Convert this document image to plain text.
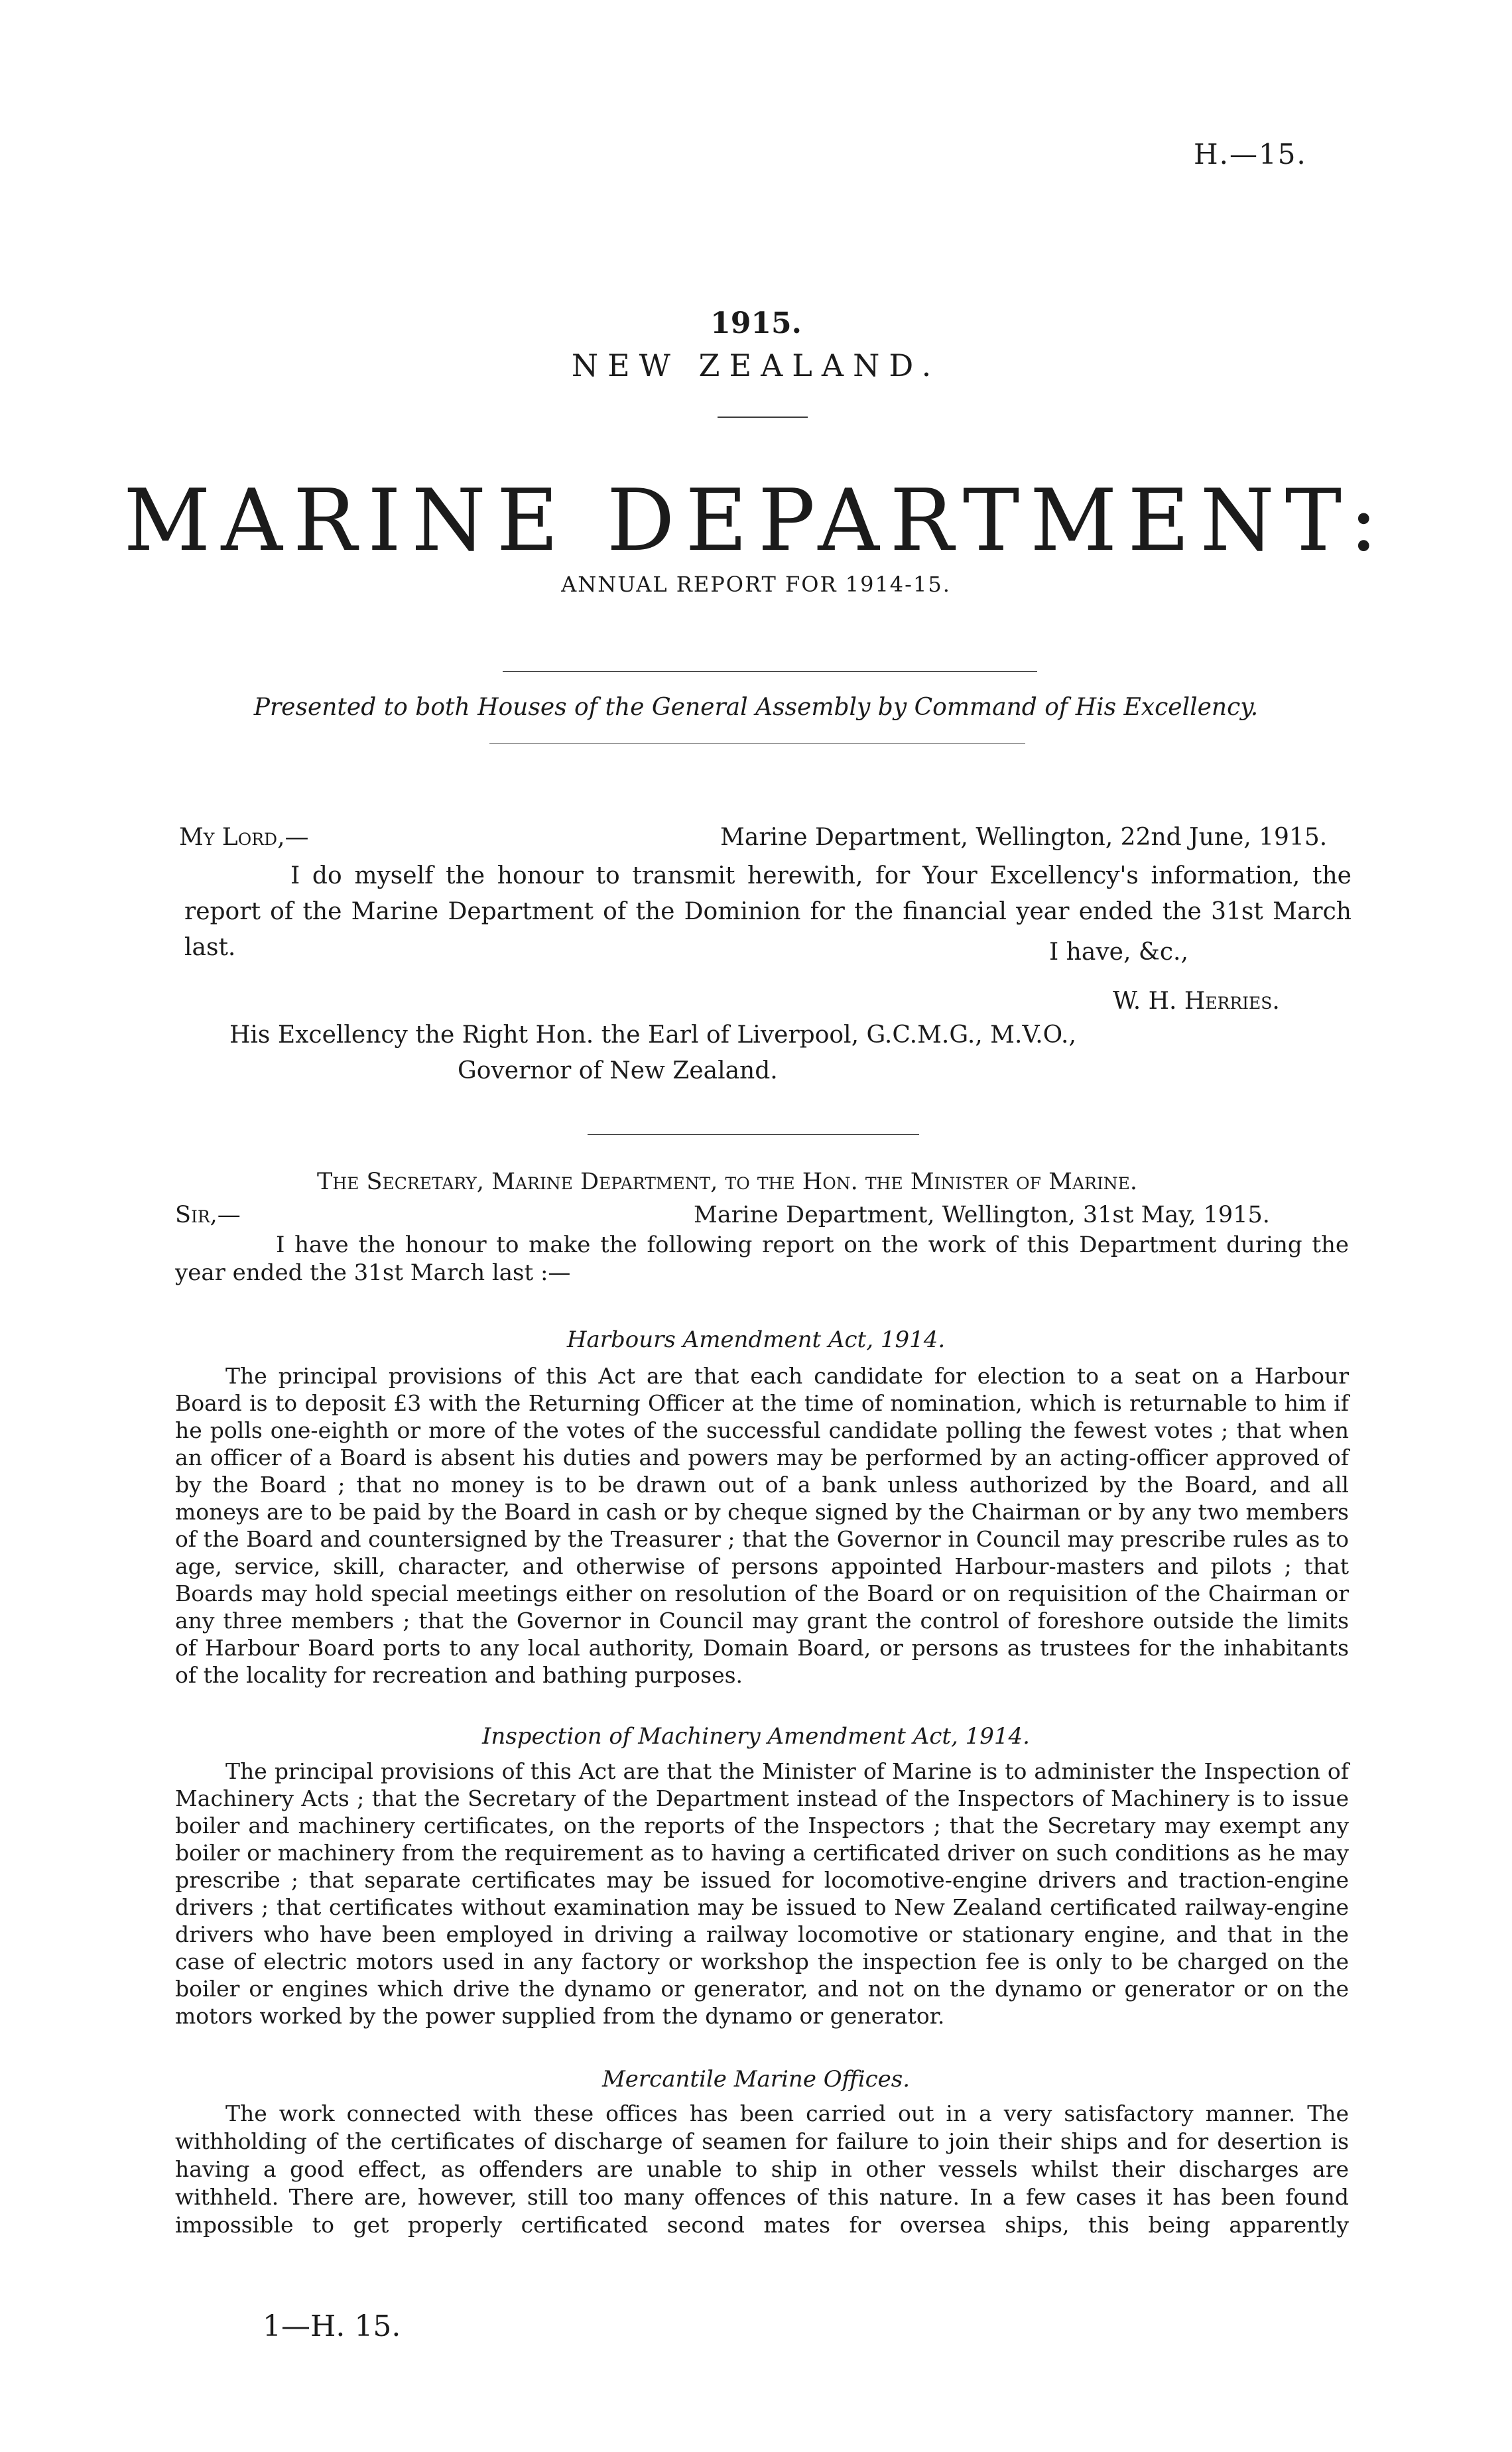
H.—15.
1915.
NEW ZEALAND.
MARINE DEPARTMENT:
ANNUAL REPORT FOR 1914-15.
Presented to both Houses of the General Assembly by Command of His Excellency.
My Lord,—	Marine Department, Wellington, 22nd June, 1915.

I do myself the honour to transmit herewith, for Your Excellency's information, the report of the Marine Department of the Dominion for the financial year ended the 31st March last.	I have, &c.,
W. H. Herries.
His Excellency the Right Hon. the Earl of Liverpool, G.C.M.G., M.V.O.,
Governor of New Zealand.
The Secretary, Marine Department, to the Hon. the Minister of Marine.
Sir,—	Marine Department, Wellington, 31st May, 1915.

I have the honour to make the following report on the work of this Department during the year ended the 31st March last :—

Harbours Amendment Act, 1914.

The principal provisions of this Act are that each candidate for election to a seat on a Harbour Board is to deposit £3 with the Returning Officer at the time of nomination, which is returnable to him if he polls one-eighth or more of the votes of the successful candidate polling the fewest votes ; that when an officer of a Board is absent his duties and powers may be performed by an acting-officer approved of by the Board ; that no money is to be drawn out of a bank unless authorized by the Board, and all moneys are to be paid by the Board in cash or by cheque signed by the Chairman or by any two members of the Board and countersigned by the Treasurer ; that the Governor in Council may prescribe rules as to age, service, skill, character, and otherwise of persons appointed Harbour-masters and pilots ; that Boards may hold special meetings either on resolution of the Board or on requisition of the Chairman or any three members ; that the Governor in Council may grant the control of foreshore outside the limits of Harbour Board ports to any local authority, Domain Board, or persons as trustees for the inhabitants of the locality for recreation and bathing purposes.

Inspection of Machinery Amendment Act, 1914.

The principal provisions of this Act are that the Minister of Marine is to administer the Inspection of Machinery Acts ; that the Secretary of the Department instead of the Inspectors of Machinery is to issue boiler and machinery certificates, on the reports of the Inspectors ; that the Secretary may exempt any boiler or machinery from the requirement as to having a certificated driver on such conditions as he may prescribe ; that separate certificates may be issued for locomotive-engine drivers and traction-engine drivers ; that certificates without examination may be issued to New Zealand certificated railway-engine drivers who have been employed in driving a railway locomotive or stationary engine, and that in the case of electric motors used in any factory or workshop the inspection fee is only to be charged on the boiler or engines which drive the dynamo or generator, and not on the dynamo or generator or on the motors worked by the power supplied from the dynamo or generator.

Mercantile Marine Offices.

The work connected with these offices has been carried out in a very satisfactory manner. The withholding of the certificates of discharge of seamen for failure to join their ships and for desertion is having a good effect, as offenders are unable to ship in other vessels whilst their discharges are withheld. There are, however, still too many offences of this nature. In a few cases it has been found impossible to get properly certificated second mates for oversea ships, this being apparently

1—H. 15.
